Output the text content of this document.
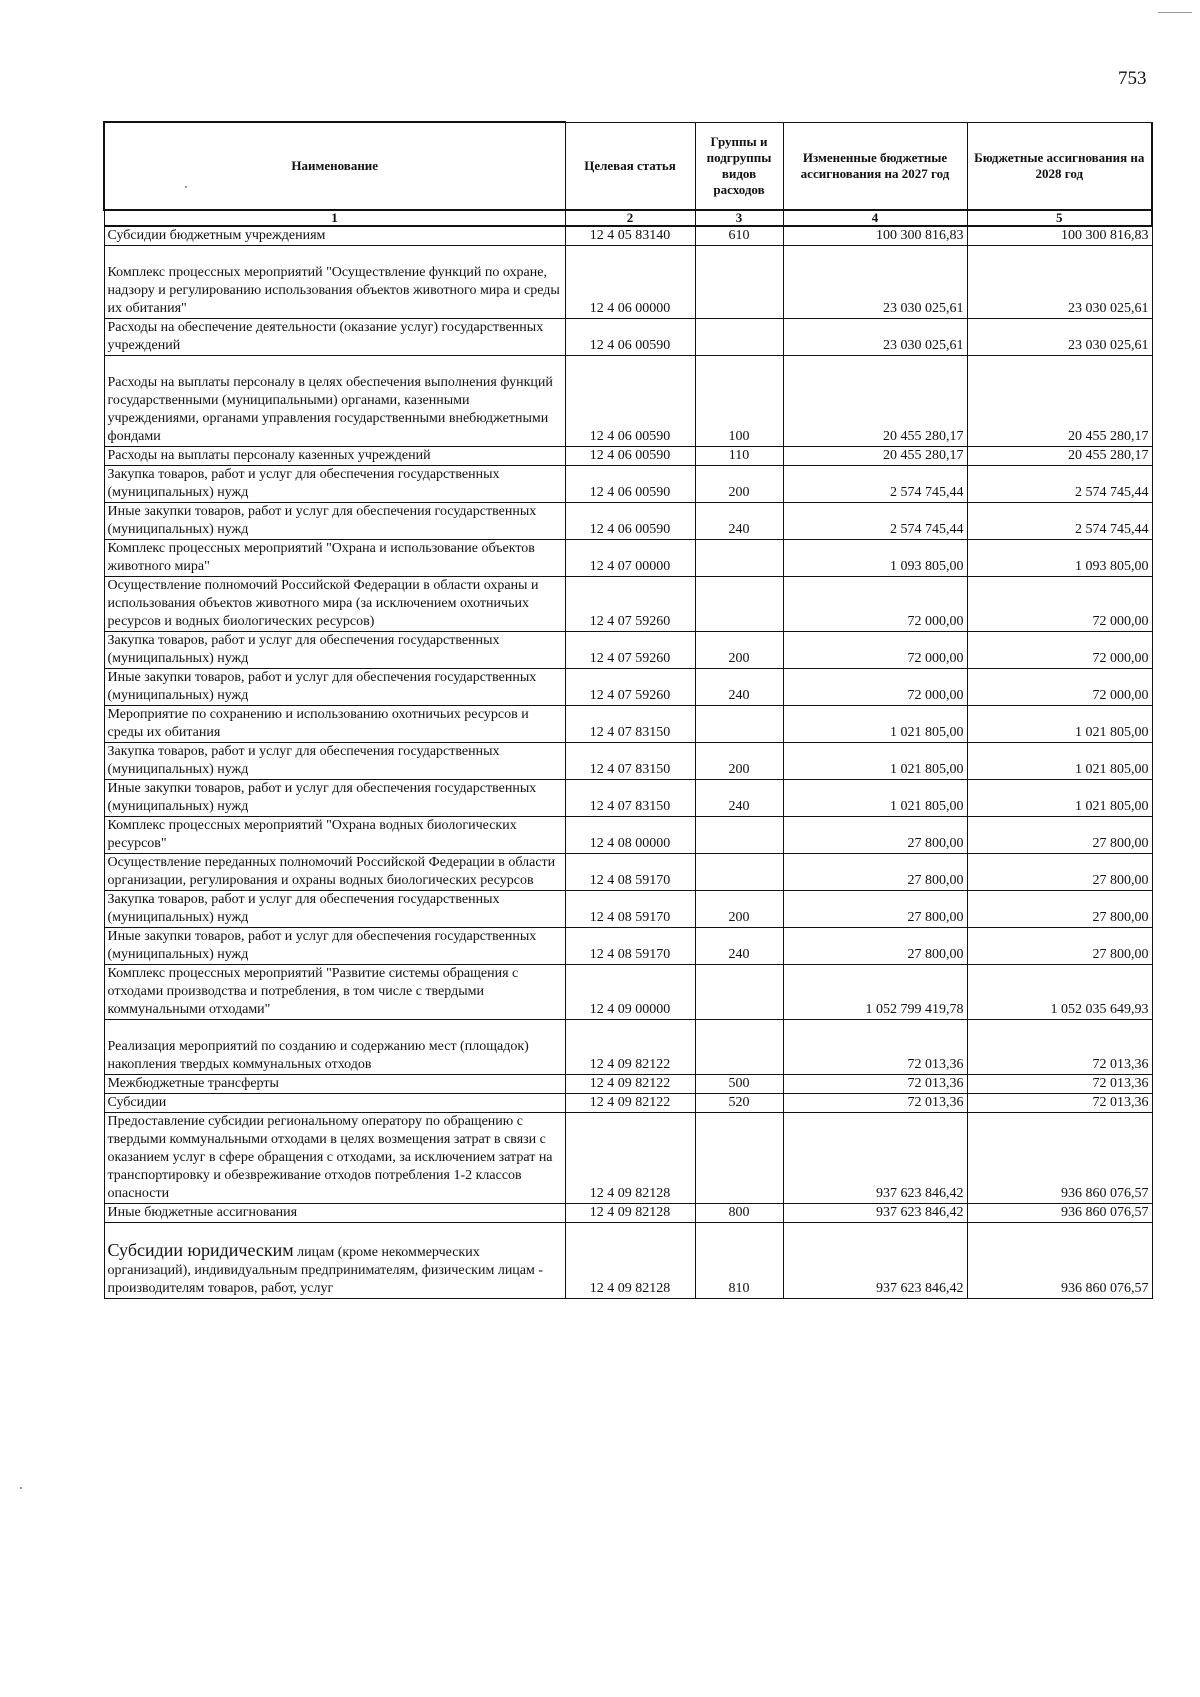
753
Наименование	Целевая статья	Группы и подгруппы видов расходов	Измененные бюджетные ассигнования на 2027 год	Бюджетные ассигнования на 2028 год
1	2	3	4	5
Субсидии бюджетным учреждениям	12 4 05 83140	610	100 300 816,83	100 300 816,83

Комплекс процессных мероприятий "Осуществление функций по охране, надзору и регулированию использования объектов животного мира и среды их обитания"	12 4 06 00000		23 030 025,61	23 030 025,61
Расходы на обеспечение деятельности (оказание услуг) государственных учреждений	12 4 06 00590		23 030 025,61	23 030 025,61

Расходы на выплаты персоналу в целях обеспечения выполнения функций государственными (муниципальными) органами, казенными учреждениями, органами управления государственными внебюджетными фондами	12 4 06 00590	100	20 455 280,17	20 455 280,17
Расходы на выплаты персоналу казенных учреждений	12 4 06 00590	110	20 455 280,17	20 455 280,17
Закупка товаров, работ и услуг для обеспечения государственных (муниципальных) нужд	12 4 06 00590	200	2 574 745,44	2 574 745,44
Иные закупки товаров, работ и услуг для обеспечения государственных (муниципальных) нужд	12 4 06 00590	240	2 574 745,44	2 574 745,44
Комплекс процессных мероприятий "Охрана и использование объектов животного мира"	12 4 07 00000		1 093 805,00	1 093 805,00
Осуществление полномочий Российской Федерации в области охраны и использования объектов животного мира (за исключением охотничьих ресурсов и водных биологических ресурсов)	12 4 07 59260		72 000,00	72 000,00
Закупка товаров, работ и услуг для обеспечения государственных (муниципальных) нужд	12 4 07 59260	200	72 000,00	72 000,00
Иные закупки товаров, работ и услуг для обеспечения государственных (муниципальных) нужд	12 4 07 59260	240	72 000,00	72 000,00
Мероприятие по сохранению и использованию охотничьих ресурсов и среды их обитания	12 4 07 83150		1 021 805,00	1 021 805,00
Закупка товаров, работ и услуг для обеспечения государственных (муниципальных) нужд	12 4 07 83150	200	1 021 805,00	1 021 805,00
Иные закупки товаров, работ и услуг для обеспечения государственных (муниципальных) нужд	12 4 07 83150	240	1 021 805,00	1 021 805,00
Комплекс процессных мероприятий "Охрана водных биологических ресурсов"	12 4 08 00000		27 800,00	27 800,00
Осуществление переданных полномочий Российской Федерации в области организации, регулирования и охраны водных биологических ресурсов	12 4 08 59170		27 800,00	27 800,00
Закупка товаров, работ и услуг для обеспечения государственных (муниципальных) нужд	12 4 08 59170	200	27 800,00	27 800,00
Иные закупки товаров, работ и услуг для обеспечения государственных (муниципальных) нужд	12 4 08 59170	240	27 800,00	27 800,00
Комплекс процессных мероприятий "Развитие системы обращения с отходами производства и потребления, в том числе с твердыми коммунальными отходами"	12 4 09 00000		1 052 799 419,78	1 052 035 649,93

Реализация мероприятий по созданию и содержанию мест (площадок) накопления твердых коммунальных отходов	12 4 09 82122		72 013,36	72 013,36
Межбюджетные трансферты	12 4 09 82122	500	72 013,36	72 013,36
Субсидии	12 4 09 82122	520	72 013,36	72 013,36
Предоставление субсидии региональному оператору по обращению с твердыми коммунальными отходами в целях возмещения затрат в связи с оказанием услуг в сфере обращения с отходами, за исключением затрат на транспортировку и обезвреживание отходов потребления 1-2 классов опасности	12 4 09 82128		937 623 846,42	936 860 076,57
Иные бюджетные ассигнования	12 4 09 82128	800	937 623 846,42	936 860 076,57

Субсидии юридическим лицам (кроме некоммерческих организаций), индивидуальным предпринимателям, физическим лицам - производителям товаров, работ, услуг	12 4 09 82128	810	937 623 846,42	936 860 076,57
